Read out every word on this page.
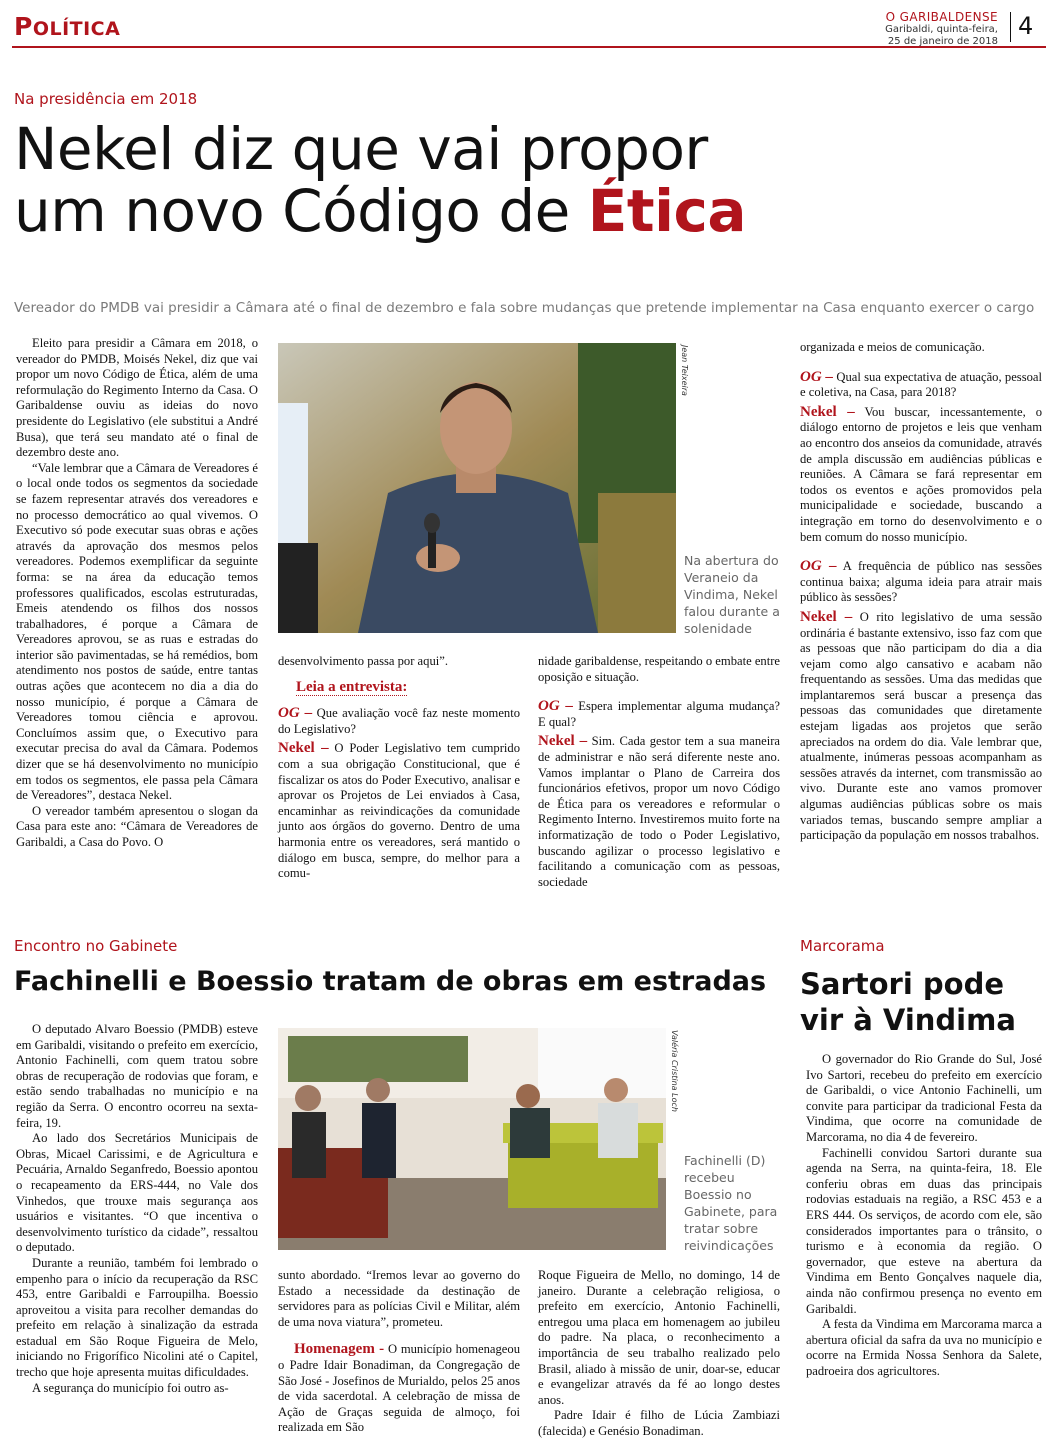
POLÍTICA
O GARIBALDENSE
Garibaldi, quinta-feira,
25 de janeiro de 2018
4
Na presidência em 2018
Nekel diz que vai propor
um novo Código de Ética
Vereador do PMDB vai presidir a Câmara até o final de dezembro e fala sobre mudanças que pretende implementar na Casa enquanto exercer o cargo

Eleito para presidir a Câmara em 2018, o vereador do PMDB, Moisés Nekel, diz que vai propor um novo Código de Ética, além de uma reformulação do Regimento Interno da Casa. O Garibaldense ouviu as ideias do novo presidente do Legislativo (ele substitui a André Busa), que terá seu mandato até o final de dezembro deste ano.

“Vale lembrar que a Câmara de Vereadores é o local onde todos os segmentos da sociedade se fazem representar através dos vereadores e no processo democrático ao qual vivemos. O Executivo só pode executar suas obras e ações através da aprovação dos mesmos pelos vereadores. Podemos exemplificar da seguinte forma: se na área da educação temos professores qualificados, escolas estruturadas, Emeis atendendo os filhos dos nossos trabalhadores, é porque a Câmara de Vereadores aprovou, se as ruas e estradas do interior são pavimentadas, se há remédios, bom atendimento nos postos de saúde, entre tantas outras ações que acontecem no dia a dia do nosso município, é porque a Câmara de Vereadores tomou ciência e aprovou. Concluímos assim que, o Executivo para executar precisa do aval da Câmara. Podemos dizer que se há desenvolvimento no município em todos os segmentos, ele passa pela Câmara de Vereadores”, destaca Nekel.

O vereador também apresentou o slogan da Casa para este ano: “Câmara de Vereadores de Garibaldi, a Casa do Povo. O

Jean Teixeira
Na abertura do Veraneio da Vindima, Nekel falou durante a solenidade

desenvolvimento passa por aqui”.

Leia a entrevista:

OG – Que avaliação você faz neste momento do Legislativo?

Nekel – O Poder Legislativo tem cumprido com a sua obrigação Constitucional, que é fiscalizar os atos do Poder Executivo, analisar e aprovar os Projetos de Lei enviados à Casa, encaminhar as reivindicações da comunidade junto aos órgãos do governo. Dentro de uma harmonia entre os vereadores, será mantido o diálogo em busca, sempre, do melhor para a comu-

nidade garibaldense, respeitando o embate entre oposição e situação.

OG – Espera implementar alguma mudança? E qual?

Nekel – Sim. Cada gestor tem a sua maneira de administrar e não será diferente neste ano. Vamos implantar o Plano de Carreira dos funcionários efetivos, propor um novo Código de Ética para os vereadores e reformular o Regimento Interno. Investiremos muito forte na informatização de todo o Poder Legislativo, buscando agilizar o processo legislativo e facilitando a comunicação com as pessoas, sociedade

organizada e meios de comunicação.

OG – Qual sua expectativa de atuação, pessoal e coletiva, na Casa, para 2018?

Nekel – Vou buscar, incessantemente, o diálogo entorno de projetos e leis que venham ao encontro dos anseios da comunidade, através de ampla discussão em audiências públicas e reuniões. A Câmara se fará representar em todos os eventos e ações promovidos pela municipalidade e sociedade, buscando a integração em torno do desenvolvimento e o bem comum do nosso município.

OG – A frequência de público nas sessões continua baixa; alguma ideia para atrair mais público às sessões?

Nekel – O rito legislativo de uma sessão ordinária é bastante extensivo, isso faz com que as pessoas que não participam do dia a dia vejam como algo cansativo e acabam não frequentando as sessões. Uma das medidas que implantaremos será buscar a presença das pessoas das comunidades que diretamente estejam ligadas aos projetos que serão apreciados na ordem do dia. Vale lembrar que, atualmente, inúmeras pessoas acompanham as sessões através da internet, com transmissão ao vivo. Durante este ano vamos promover algumas audiências públicas sobre os mais variados temas, buscando sempre ampliar a participação da população em nossos trabalhos.

Encontro no Gabinete
Fachinelli e Boessio tratam de obras em estradas

O deputado Alvaro Boessio (PMDB) esteve em Garibaldi, visitando o prefeito em exercício, Antonio Fachinelli, com quem tratou sobre obras de recuperação de rodovias que foram, e estão sendo trabalhadas no município e na região da Serra. O encontro ocorreu na sexta-feira, 19.

Ao lado dos Secretários Municipais de Obras, Micael Carissimi, e de Agricultura e Pecuária, Arnaldo Seganfredo, Boessio apontou o recapeamento da ERS-444, no Vale dos Vinhedos, que trouxe mais segurança aos usuários e visitantes. “O que incentiva o desenvolvimento turístico da cidade”, ressaltou o deputado.

Durante a reunião, também foi lembrado o empenho para o início da recuperação da RSC 453, entre Garibaldi e Farroupilha. Boessio aproveitou a visita para recolher demandas do prefeito em relação à sinalização da estrada estadual em São Roque Figueira de Melo, iniciando no Frigorífico Nicolini até o Capitel, trecho que hoje apresenta muitas dificuldades.

A segurança do município foi outro as-

Valéria Cristina Loch
Fachinelli (D) recebeu Boessio no Gabinete, para tratar sobre reivindicações

sunto abordado. “Iremos levar ao governo do Estado a necessidade da destinação de servidores para as polícias Civil e Militar, além de uma nova viatura”, prometeu.

Homenagem - O município homenageou o Padre Idair Bonadiman, da Congregação de São José - Josefinos de Murialdo, pelos 25 anos de vida sacerdotal. A celebração de missa de Ação de Graças seguida de almoço, foi realizada em São

Roque Figueira de Mello, no domingo, 14 de janeiro. Durante a celebração religiosa, o prefeito em exercício, Antonio Fachinelli, entregou uma placa em homenagem ao jubileu do padre. Na placa, o reconhecimento a importância de seu trabalho realizado pelo Brasil, aliado à missão de unir, doar-se, educar e evangelizar através da fé ao longo destes anos.

Padre Idair é filho de Lúcia Zambiazi (falecida) e Genésio Bonadiman.

Marcorama
Sartori pode
vir à Vindima

O governador do Rio Grande do Sul, José Ivo Sartori, recebeu do prefeito em exercício de Garibaldi, o vice Antonio Fachinelli, um convite para participar da tradicional Festa da Vindima, que ocorre na comunidade de Marcorama, no dia 4 de fevereiro.

Fachinelli convidou Sartori durante sua agenda na Serra, na quinta-feira, 18. Ele conferiu obras em duas das principais rodovias estaduais na região, a RSC 453 e a ERS 444. Os serviços, de acordo com ele, são considerados importantes para o trânsito, o turismo e à economia da região. O governador, que esteve na abertura da Vindima em Bento Gonçalves naquele dia, ainda não confirmou presença no evento em Garibaldi.

A festa da Vindima em Marcorama marca a abertura oficial da safra da uva no município e ocorre na Ermida Nossa Senhora da Salete, padroeira dos agricultores.
